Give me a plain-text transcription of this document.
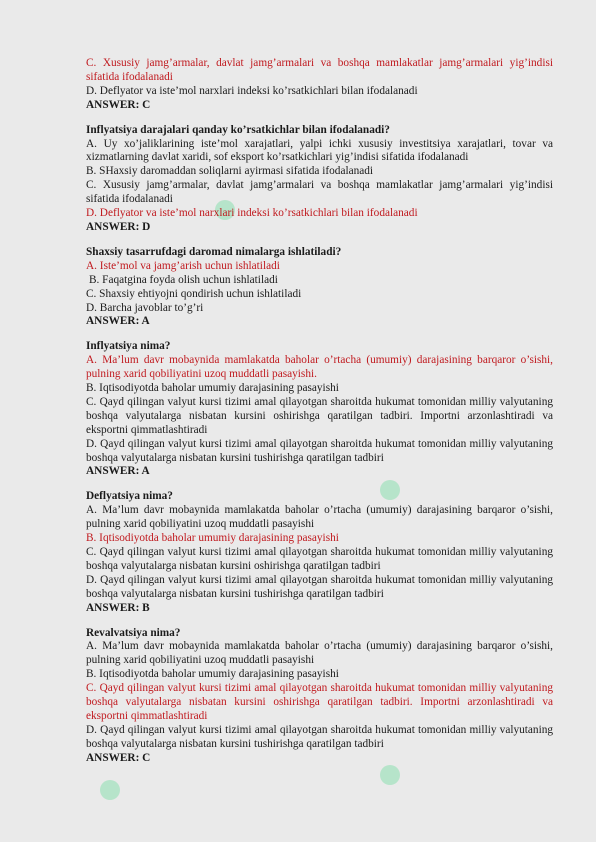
C. Xususiy jamg’armalar, davlat jamg’armalari va boshqa mamlakatlar jamg’armalari yig’indisi sifatida ifodalanadi
D. Deflyator va iste’mol narxlari indeksi ko’rsatkichlari bilan ifodalanadi
ANSWER: C
Inflyatsiya darajalari qanday ko’rsatkichlar bilan ifodalanadi?
A. Uy xo’jaliklarining iste’mol xarajatlari, yalpi ichki xususiy investitsiya xarajatlari, tovar va xizmatlarning davlat xaridi, sof eksport ko’rsatkichlari yig’indisi sifatida ifodalanadi
B. SHaxsiy daromaddan soliqlarni ayirmasi sifatida ifodalanadi
C. Xususiy jamg’armalar, davlat jamg’armalari va boshqa mamlakatlar jamg’armalari yig’indisi sifatida ifodalanadi
D. Deflyator va iste’mol narxlari indeksi ko’rsatkichlari bilan ifodalanadi
ANSWER: D
Shaxsiy tasarrufdagi daromad nimalarga ishlatiladi?
A. Iste’mol va jamg’arish uchun ishlatiladi
B. Faqatgina foyda olish uchun ishlatiladi
C. Shaxsiy ehtiyojni qondirish uchun ishlatiladi
D. Barcha javoblar to’g’ri
ANSWER: A
Inflyatsiya nima?
A. Ma’lum davr mobaynida mamlakatda baholar o’rtacha (umumiy) darajasining barqaror o’sishi, pulning xarid qobiliyatini uzoq muddatli pasayishi.
B. Iqtisodiyotda baholar umumiy darajasining pasayishi
C. Qayd qilingan valyut kursi tizimi amal qilayotgan sharoitda hukumat tomonidan milliy valyutaning boshqa valyutalarga nisbatan kursini oshirishga qaratilgan tadbiri. Importni arzonlashtiradi va eksportni qimmatlashtiradi
D. Qayd qilingan valyut kursi tizimi amal qilayotgan sharoitda hukumat tomonidan milliy valyutaning boshqa valyutalarga nisbatan kursini tushirishga qaratilgan tadbiri
ANSWER: A
Deflyatsiya nima?
A. Ma’lum davr mobaynida mamlakatda baholar o’rtacha (umumiy) darajasining barqaror o’sishi, pulning xarid qobiliyatini uzoq muddatli pasayishi
B. Iqtisodiyotda baholar umumiy darajasining pasayishi
C. Qayd qilingan valyut kursi tizimi amal qilayotgan sharoitda hukumat tomonidan milliy valyutaning boshqa valyutalarga nisbatan kursini oshirishga qaratilgan tadbiri
D. Qayd qilingan valyut kursi tizimi amal qilayotgan sharoitda hukumat tomonidan milliy valyutaning boshqa valyutalarga nisbatan kursini tushirishga qaratilgan tadbiri
ANSWER: B
Revalvatsiya nima?
A. Ma’lum davr mobaynida mamlakatda baholar o’rtacha (umumiy) darajasining barqaror o’sishi, pulning xarid qobiliyatini uzoq muddatli pasayishi
B. Iqtisodiyotda baholar umumiy darajasining pasayishi
C. Qayd qilingan valyut kursi tizimi amal qilayotgan sharoitda hukumat tomonidan milliy valyutaning boshqa valyutalarga nisbatan kursini oshirishga qaratilgan tadbiri. Importni arzonlashtiradi va eksportni qimmatlashtiradi
D. Qayd qilingan valyut kursi tizimi amal qilayotgan sharoitda hukumat tomonidan milliy valyutaning boshqa valyutalarga nisbatan kursini tushirishga qaratilgan tadbiri
ANSWER: C
